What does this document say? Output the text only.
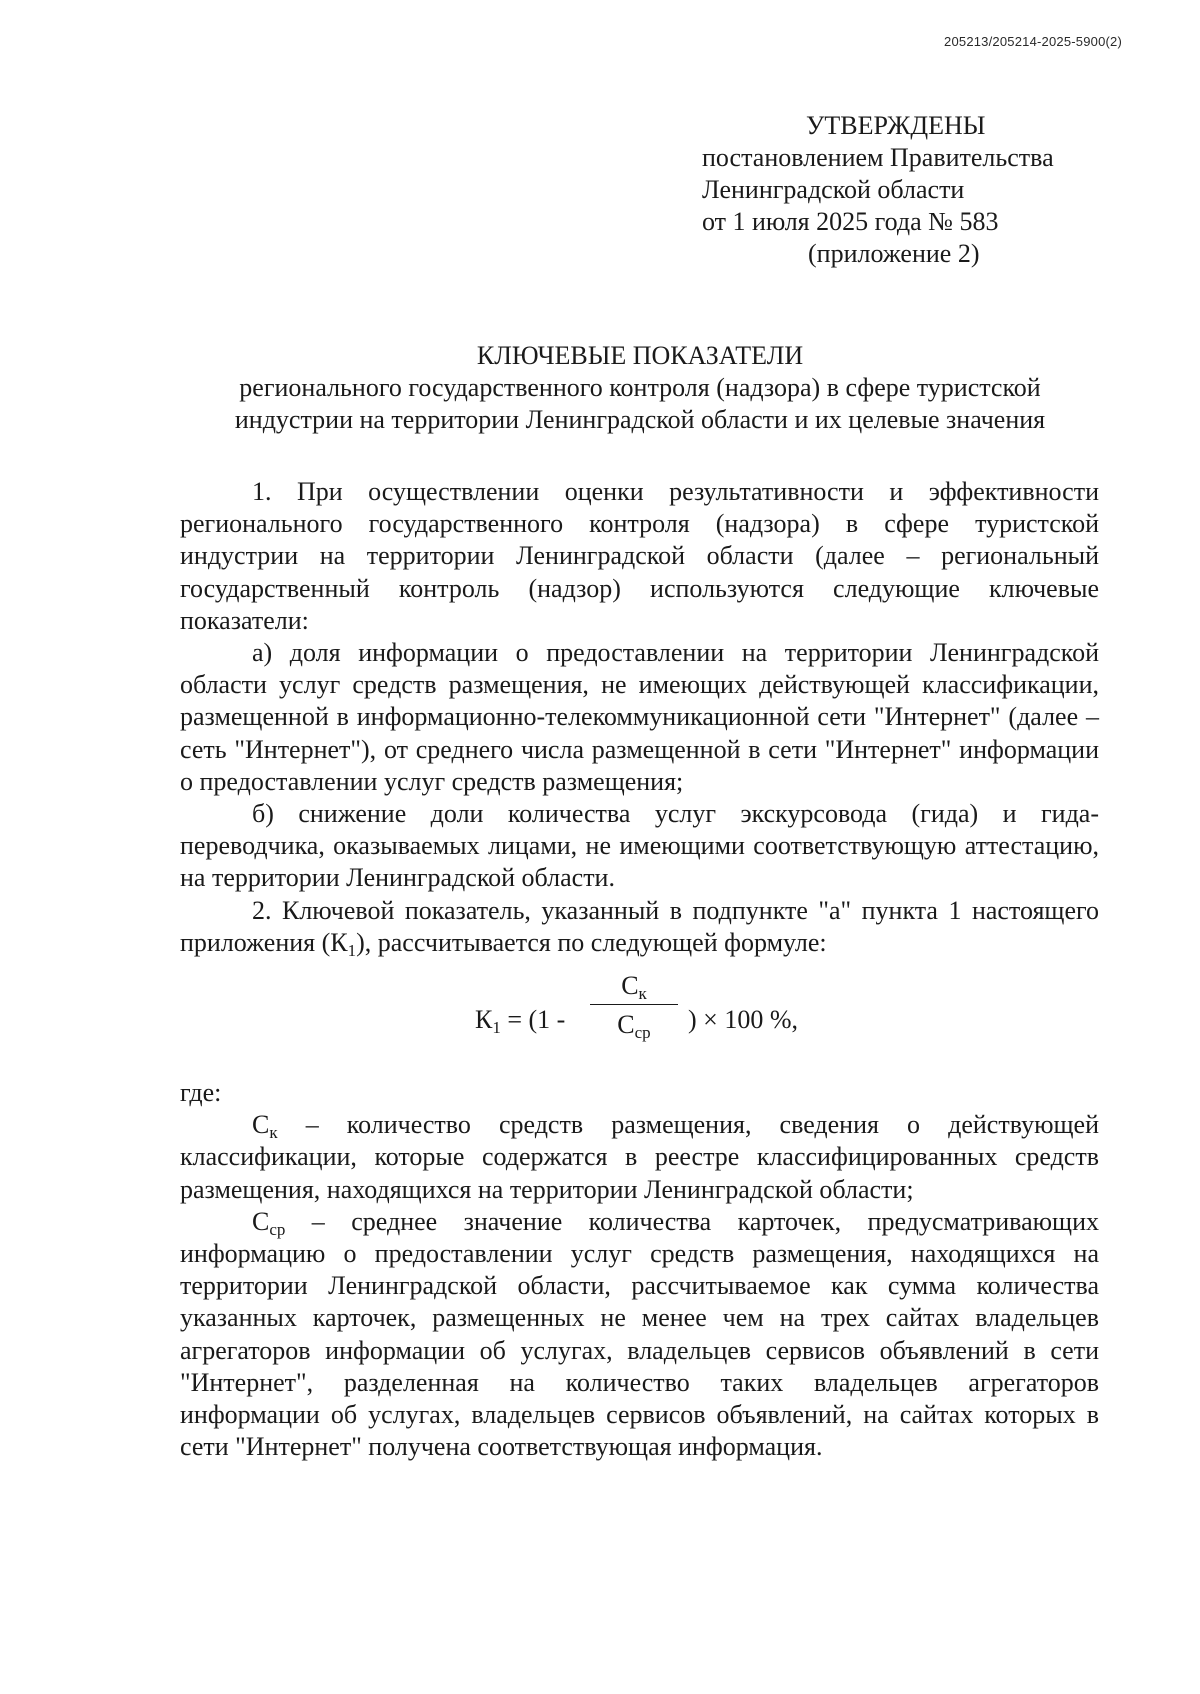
205213/205214-2025-5900(2)
УТВЕРЖДЕНЫ
постановлением Правительства
Ленинградской области
от 1 июля 2025 года № 583
(приложение 2)
КЛЮЧЕВЫЕ ПОКАЗАТЕЛИ
регионального государственного контроля (надзора) в сфере туристской
индустрии на территории Ленинградской области и их целевые значения

1. При осуществлении оценки результативности и эффективности регионального государственного контроля (надзора) в сфере туристской индустрии на территории Ленинградской области (далее – региональный государственный контроль (надзор) используются следующие ключевые показатели:

а) доля информации о предоставлении на территории Ленинградской области услуг средств размещения, не имеющих действующей классификации, размещенной в информационно-телекоммуникационной сети "Интернет" (далее – сеть "Интернет"), от среднего числа размещенной в сети "Интернет" информации о предоставлении услуг средств размещения;

б) снижение доли количества услуг экскурсовода (гида) и гида-переводчика, оказываемых лицами, не имеющими соответствующую аттестацию, на территории Ленинградской области.

2. Ключевой показатель, указанный в подпункте "а" пункта 1 настоящего приложения $(К_1)$, рассчитывается по следующей формуле:

$К_1 = (1$ -
$С_к$
$С_{ср}$	) × 100 %,

где:

$С_к$ – количество средств размещения, сведения о действующей классификации, которые содержатся в реестре классифицированных средств размещения, находящихся на территории Ленинградской области;

$С_{ср}$ – среднее значение количества карточек, предусматривающих информацию о предоставлении услуг средств размещения, находящихся на территории Ленинградской области, рассчитываемое как сумма количества указанных карточек, размещенных не менее чем на трех сайтах владельцев агрегаторов информации об услугах, владельцев сервисов объявлений в сети "Интернет", разделенная на количество таких владельцев агрегаторов информации об услугах, владельцев сервисов объявлений, на сайтах которых в сети "Интернет" получена соответствующая информация.
